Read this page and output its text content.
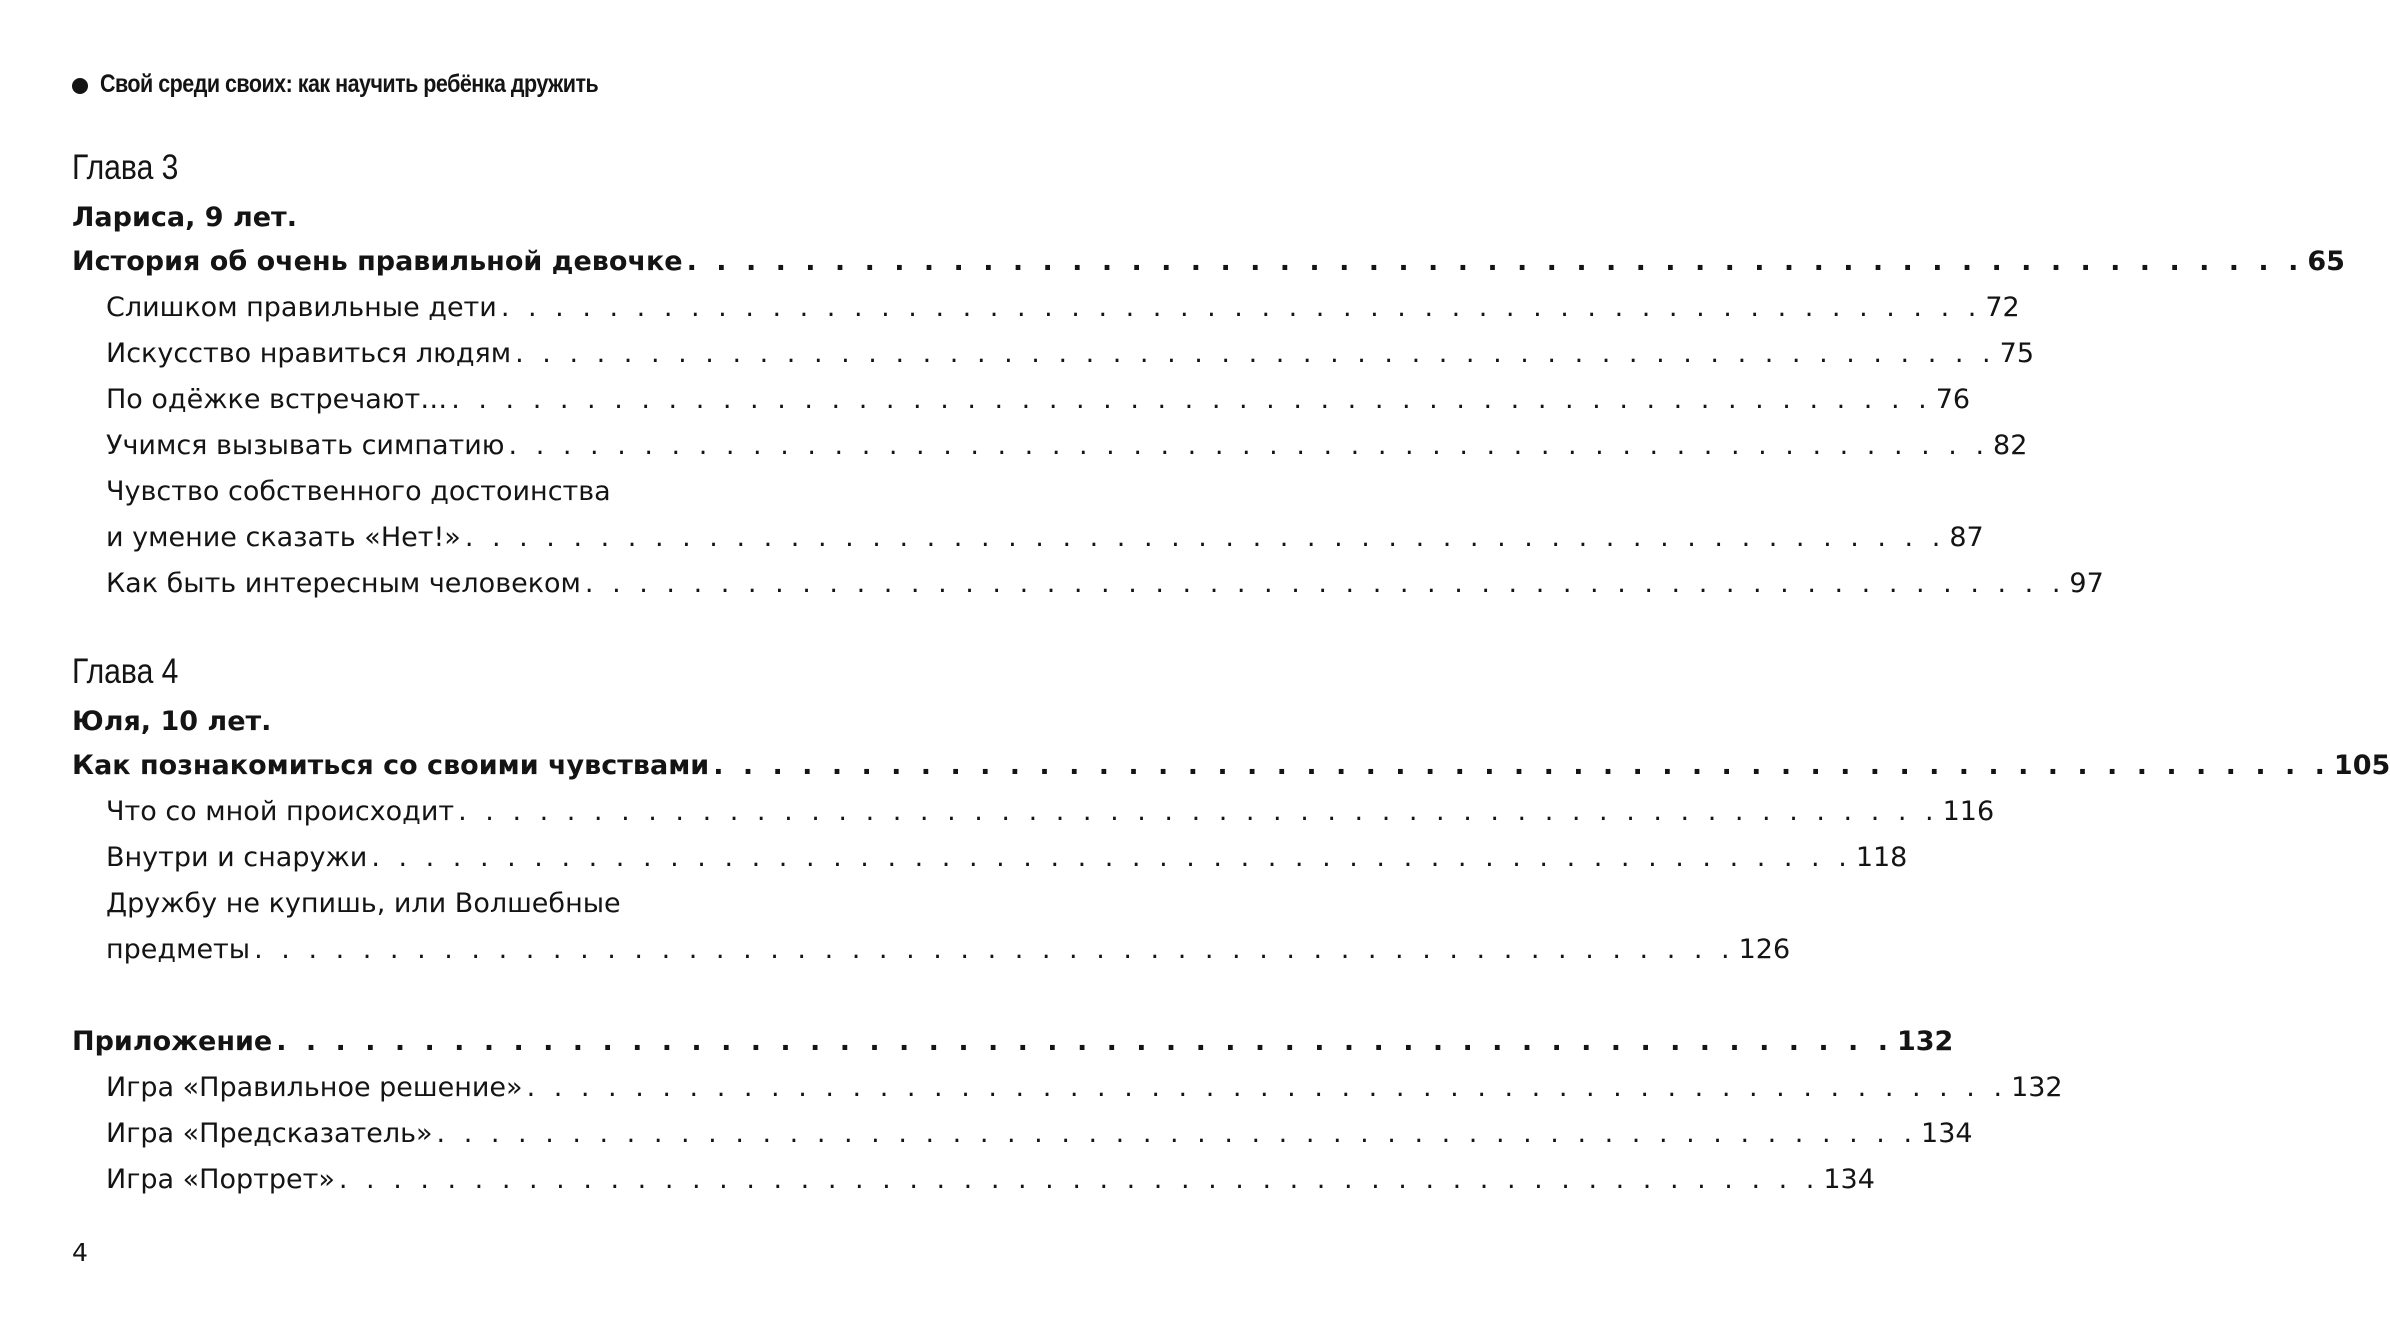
Свой среди своих: как научить ребёнка дружить
Глава 3
Лариса, 9 лет.
История об очень правильной девочке . . . . . . . . . . . . . . . . . . . . . . . . . . . . . . . . . . . . . . . . . . . . . . . . . . . . . . . 65
Слишком правильные дети . . . . . . . . . . . . . . . . . . . . . . . . . . . . . . . . . . . . . . . . . . . . . . . . . . . . . . . 72
Искусство нравиться людям . . . . . . . . . . . . . . . . . . . . . . . . . . . . . . . . . . . . . . . . . . . . . . . . . . . . . . . 75
По одёжке встречают… . . . . . . . . . . . . . . . . . . . . . . . . . . . . . . . . . . . . . . . . . . . . . . . . . . . . . . . 76
Учимся вызывать симпатию . . . . . . . . . . . . . . . . . . . . . . . . . . . . . . . . . . . . . . . . . . . . . . . . . . . . . . . 82
Чувство собственного достоинства
и умение сказать «Нет!» . . . . . . . . . . . . . . . . . . . . . . . . . . . . . . . . . . . . . . . . . . . . . . . . . . . . . . . 87
Как быть интересным человеком . . . . . . . . . . . . . . . . . . . . . . . . . . . . . . . . . . . . . . . . . . . . . . . . . . . . . . . 97
Глава 4
Юля, 10 лет.
Как познакомиться со своими чувствами . . . . . . . . . . . . . . . . . . . . . . . . . . . . . . . . . . . . . . . . . . . . . . . . . . . . . . . 105
Что со мной происходит . . . . . . . . . . . . . . . . . . . . . . . . . . . . . . . . . . . . . . . . . . . . . . . . . . . . . . . 116
Внутри и снаружи . . . . . . . . . . . . . . . . . . . . . . . . . . . . . . . . . . . . . . . . . . . . . . . . . . . . . . . 118
Дружбу не купишь, или Волшебные
предметы . . . . . . . . . . . . . . . . . . . . . . . . . . . . . . . . . . . . . . . . . . . . . . . . . . . . . . . 126
Приложение . . . . . . . . . . . . . . . . . . . . . . . . . . . . . . . . . . . . . . . . . . . . . . . . . . . . . . . 132
Игра «Правильное решение» . . . . . . . . . . . . . . . . . . . . . . . . . . . . . . . . . . . . . . . . . . . . . . . . . . . . . . . 132
Игра «Предсказатель» . . . . . . . . . . . . . . . . . . . . . . . . . . . . . . . . . . . . . . . . . . . . . . . . . . . . . . . 134
Игра «Портрет» . . . . . . . . . . . . . . . . . . . . . . . . . . . . . . . . . . . . . . . . . . . . . . . . . . . . . . . 134
4
